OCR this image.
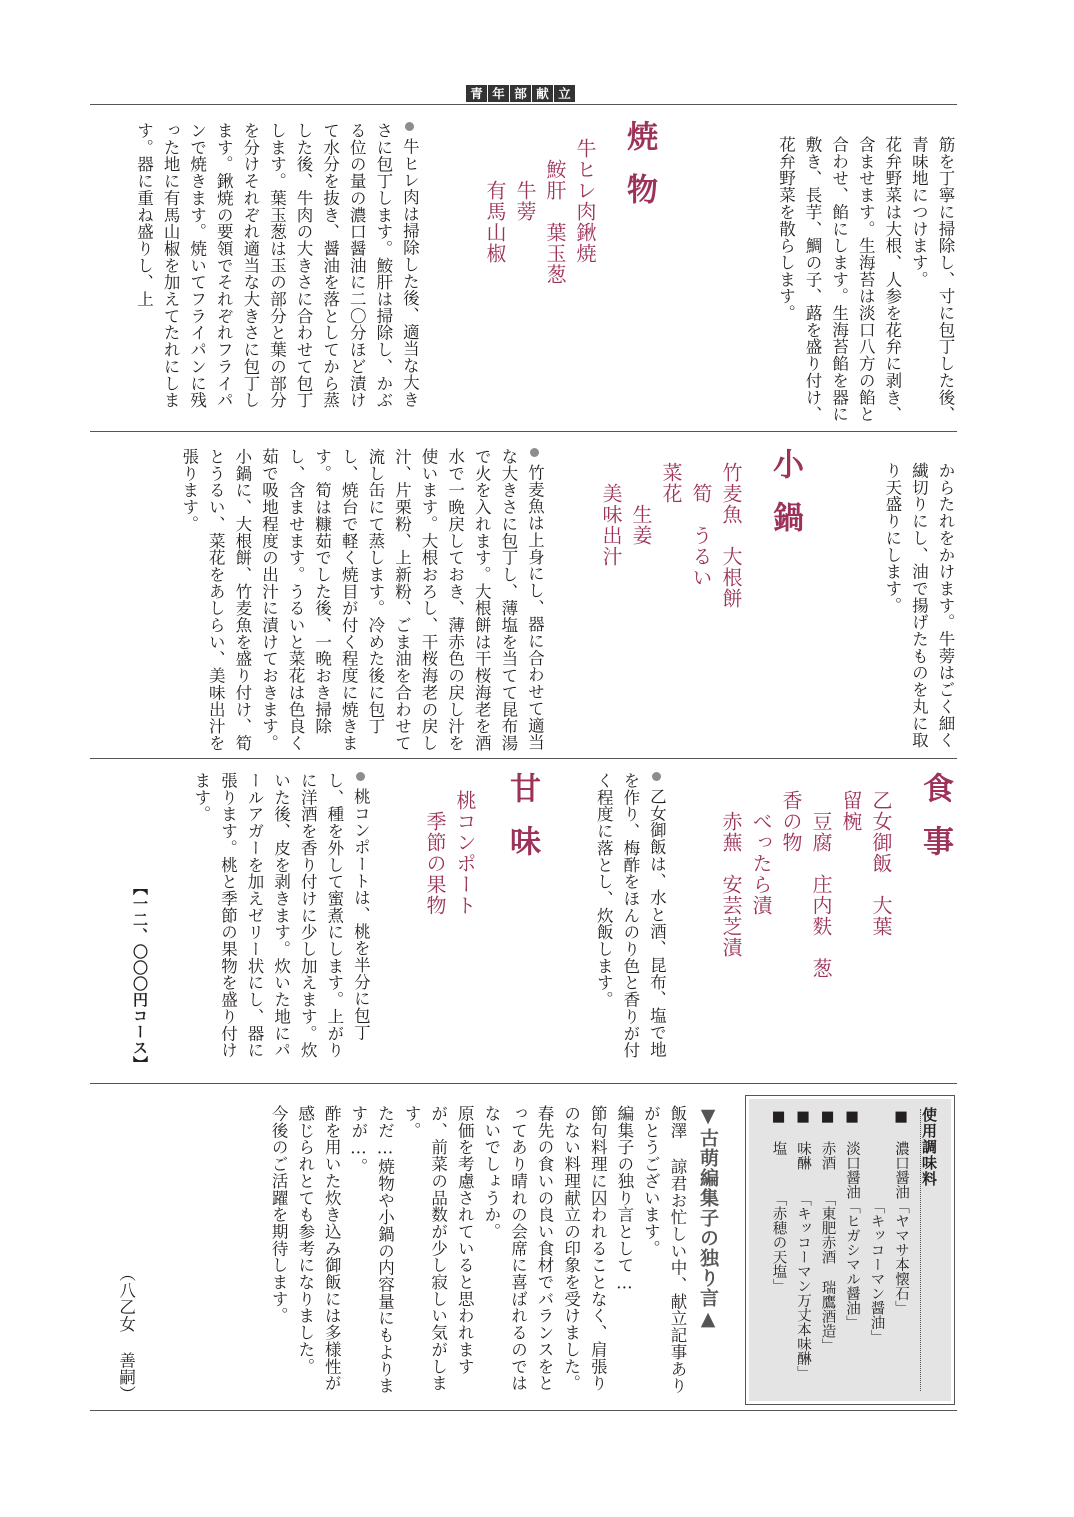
青 年 部 献 立

筋を丁寧に掃除し、寸に包丁した後、青味地につけます。
花弁野菜は大根、人参を花弁に剥き、含ませます。生海苔は淡口八方の餡と合わせ、餡にします。生海苔餡を器に敷き、長芋、鯛の子、蕗を盛り付け、花弁野菜を散らします。

焼物

牛ヒレ肉鍬焼
　鮟肝　葉玉葱
　　牛蒡
　　有馬山椒

牛ヒレ肉は掃除した後、適当な大きさに包丁します。鮟肝は掃除し、かぶる位の量の濃口醤油に二〇分ほど漬けて水分を抜き、醤油を落としてから蒸した後、牛肉の大きさに合わせて包丁します。葉玉葱は玉の部分と葉の部分を分けそれぞれ適当な大きさに包丁します。鍬焼の要領でそれぞれフライパンで焼きます。焼いてフライパンに残った地に有馬山椒を加えてたれにします。器に重ね盛りし、上

からたれをかけます。牛蒡はごく細く繊切りにし、油で揚げたものを丸に取り天盛りにします。

小鍋

竹麦魚　大根餅
　筍　うるい
菜花
　　生姜
　美味出汁

竹麦魚は上身にし、器に合わせて適当な大きさに包丁し、薄塩を当てて昆布湯で火を入れます。大根餅は干桜海老を酒水で一晩戻しておき、薄赤色の戻し汁を使います。大根おろし、干桜海老の戻し汁、片栗粉、上新粉、ごま油を合わせて流し缶にて蒸します。冷めた後に包丁し、焼台で軽く焼目が付く程度に焼きます。筍は糠茹でした後、一晩おき掃除し、含ませます。うるいと菜花は色良く茹で吸地程度の出汁に漬けておきます。小鍋に、大根餅、竹麦魚を盛り付け、筍とうるい、菜花をあしらい、美味出汁を張ります。

食事

乙女御飯　大葉
留椀
　豆腐　庄内麩　葱
香の物
　べったら漬
　赤蕪　安芸芝漬

乙女御飯は、水と酒、昆布、塩で地を作り、梅酢をほんのり色と香りが付く程度に落とし、炊飯します。

甘味

桃コンポート
　季節の果物

桃コンポートは、桃を半分に包丁し、種を外して蜜煮にします。上がりに洋酒を香り付けに少し加えます。炊いた後、皮を剥きます。炊いた地にパールアガーを加えゼリー状にし、器に張ります。桃と季節の果物を盛り付けます。

【一二、〇〇〇円コース】
使用調味料
■ 濃口醤油「ヤマサ本懐石」
　 　　　 「キッコーマン醤油」
■ 淡口醤油「ヒガシマル醤油」
■ 赤酒　　「東肥赤酒 瑞鷹酒造」
■ 味醂　　「キッコーマン万丈本味醂」
■ 塩　　　「赤穂の天塩」
▼古萌編集子の独り言▲

飯澤 諒君お忙しい中、献立記事ありがとうございます。
編集子の独り言として…
節句料理に囚われることなく、肩張りのない料理献立の印象を受けました。
春先の食いの良い食材でバランスをとってあり晴れの会席に喜ばれるのではないでしょうか。
原価を考慮されていると思われますが、前菜の品数が少し寂しい気がします。
ただ…焼物や小鍋の内容量にもよりますが…。
酢を用いた炊き込み御飯には多様性が感じられとても参考になりました。
今後のご活躍を期待します。

（八乙女 善嗣）
